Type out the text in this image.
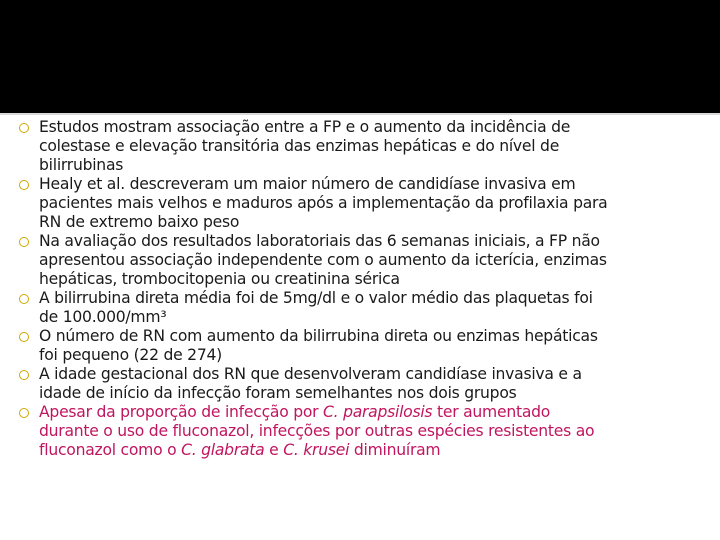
Estudos mostram associação entre a FP e o aumento da incidência de
colestase e elevação transitória das enzimas hepáticas e do nível de
bilirrubinas
Healy et al. descreveram um maior número de candidíase invasiva em
pacientes mais velhos e maduros após a implementação da profilaxia para
RN de extremo baixo peso
Na avaliação dos resultados laboratoriais das 6 semanas iniciais, a FP não
apresentou associação independente com o aumento da icterícia, enzimas
hepáticas, trombocitopenia ou creatinina sérica
A bilirrubina direta média foi de 5mg/dl e o valor médio das plaquetas foi
de 100.000/mm³
O número de RN com aumento da bilirrubina direta ou enzimas hepáticas
foi pequeno (22 de 274)
A idade gestacional dos RN que desenvolveram candidíase invasiva e a
idade de início da infecção foram semelhantes nos dois grupos
Apesar da proporção de infecção por C. parapsilosis ter aumentado
durante o uso de fluconazol, infecções por outras espécies resistentes ao
fluconazol como o C. glabrata e C. krusei diminuíram
